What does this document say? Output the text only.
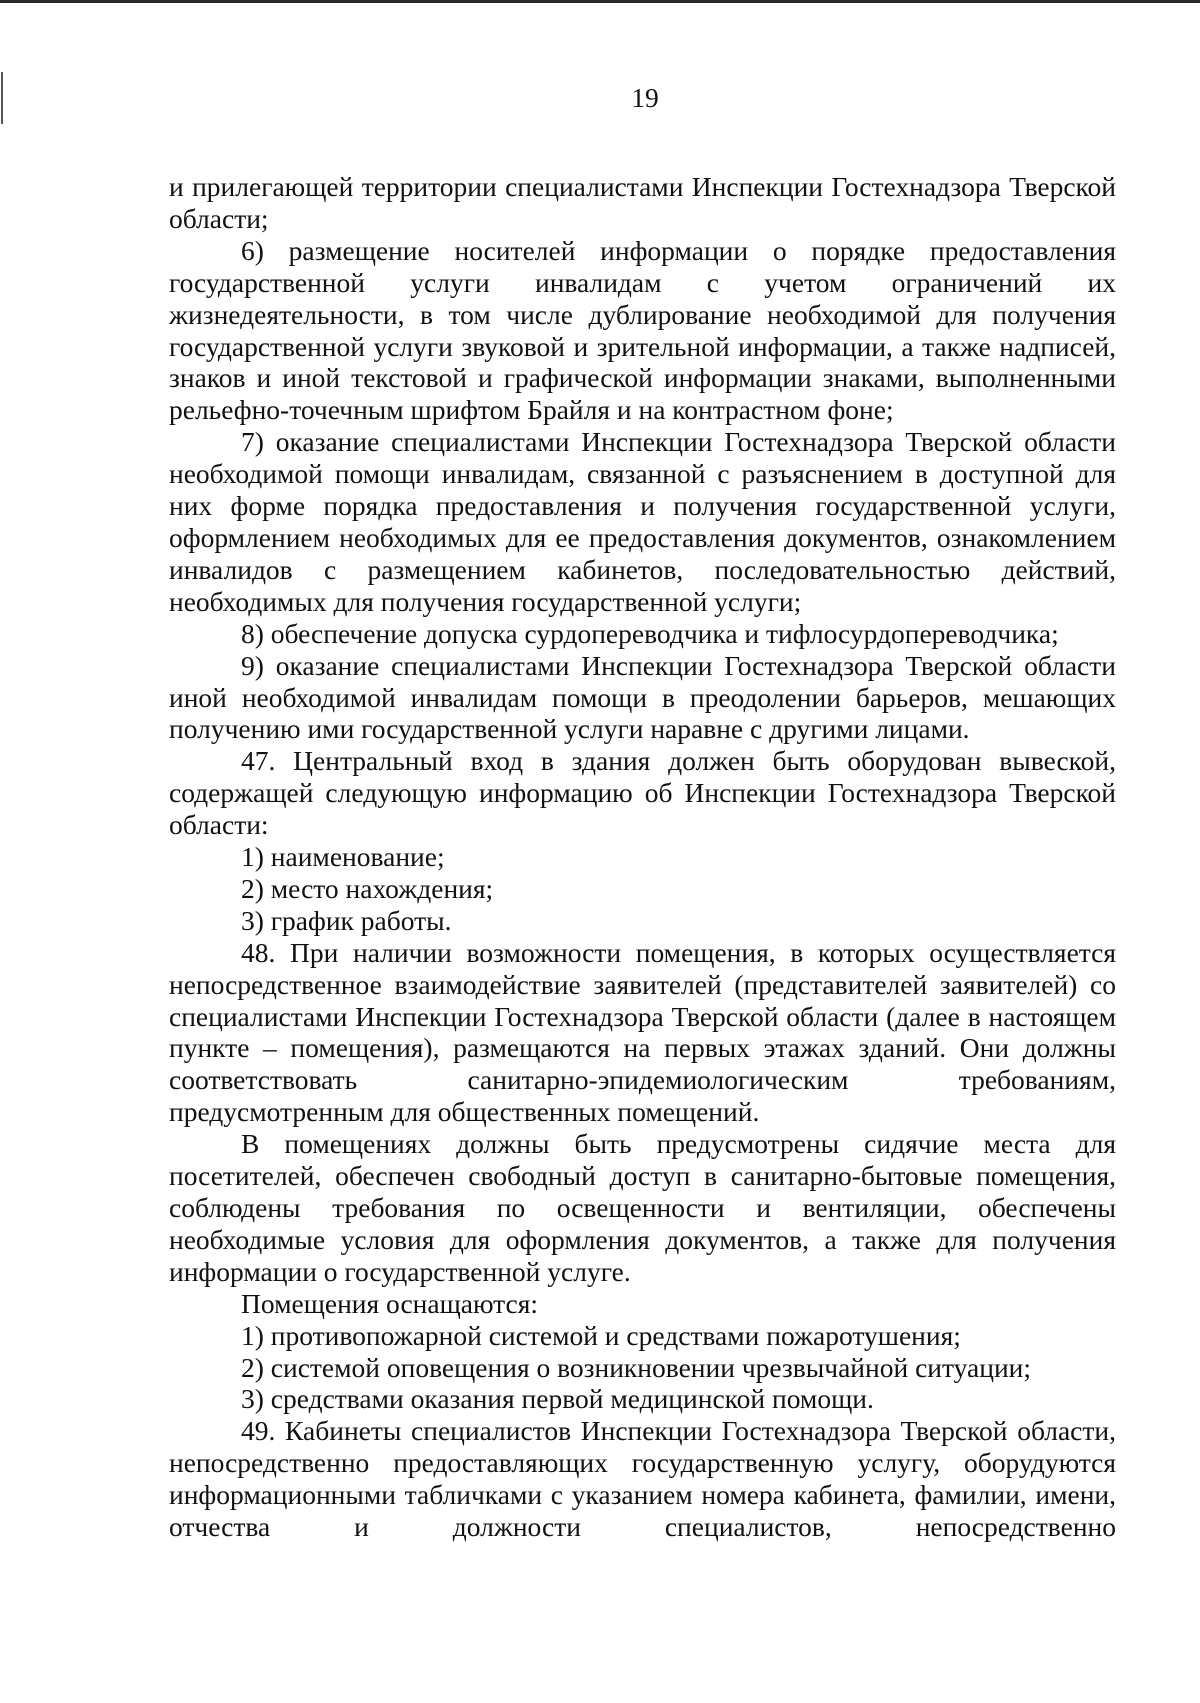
19

и прилегающей территории специалистами Инспекции Гостехнадзора Тверской области;

6) размещение носителей информации о порядке предоставления государственной услуги инвалидам с учетом ограничений их жизнедеятельности, в том числе дублирование необходимой для получения государственной услуги звуковой и зрительной информации, а также надписей, знаков и иной текстовой и графической информации знаками, выполненными рельефно-точечным шрифтом Брайля и на контрастном фоне;

7) оказание специалистами Инспекции Гостехнадзора Тверской области необходимой помощи инвалидам, связанной с разъяснением в доступной для них форме порядка предоставления и получения государственной услуги, оформлением необходимых для ее предоставления документов, ознакомлением инвалидов с размещением кабинетов, последовательностью действий, необходимых для получения государственной услуги;

8) обеспечение допуска сурдопереводчика и тифлосурдопереводчика;

9) оказание специалистами Инспекции Гостехнадзора Тверской области иной необходимой инвалидам помощи в преодолении барьеров, мешающих получению ими государственной услуги наравне с другими лицами.

47. Центральный вход в здания должен быть оборудован вывеской, содержащей следующую информацию об Инспекции Гостехнадзора Тверской области:

1) наименование;

2) место нахождения;

3) график работы.

48. При наличии возможности помещения, в которых осуществляется непосредственное взаимодействие заявителей (представителей заявителей) со специалистами Инспекции Гостехнадзора Тверской области (далее в настоящем пункте – помещения), размещаются на первых этажах зданий. Они должны соответствовать санитарно-эпидемиологическим требованиям, предусмотренным для общественных помещений.

В помещениях должны быть предусмотрены сидячие места для посетителей, обеспечен свободный доступ в санитарно-бытовые помещения, соблюдены требования по освещенности и вентиляции, обеспечены необходимые условия для оформления документов, а также для получения информации о государственной услуге.

Помещения оснащаются:

1) противопожарной системой и средствами пожаротушения;

2) системой оповещения о возникновении чрезвычайной ситуации;

3) средствами оказания первой медицинской помощи.

49. Кабинеты специалистов Инспекции Гостехнадзора Тверской области, непосредственно предоставляющих государственную услугу, оборудуются информационными табличками с указанием номера кабинета, фамилии, имени, отчества и должности специалистов, непосредственно
